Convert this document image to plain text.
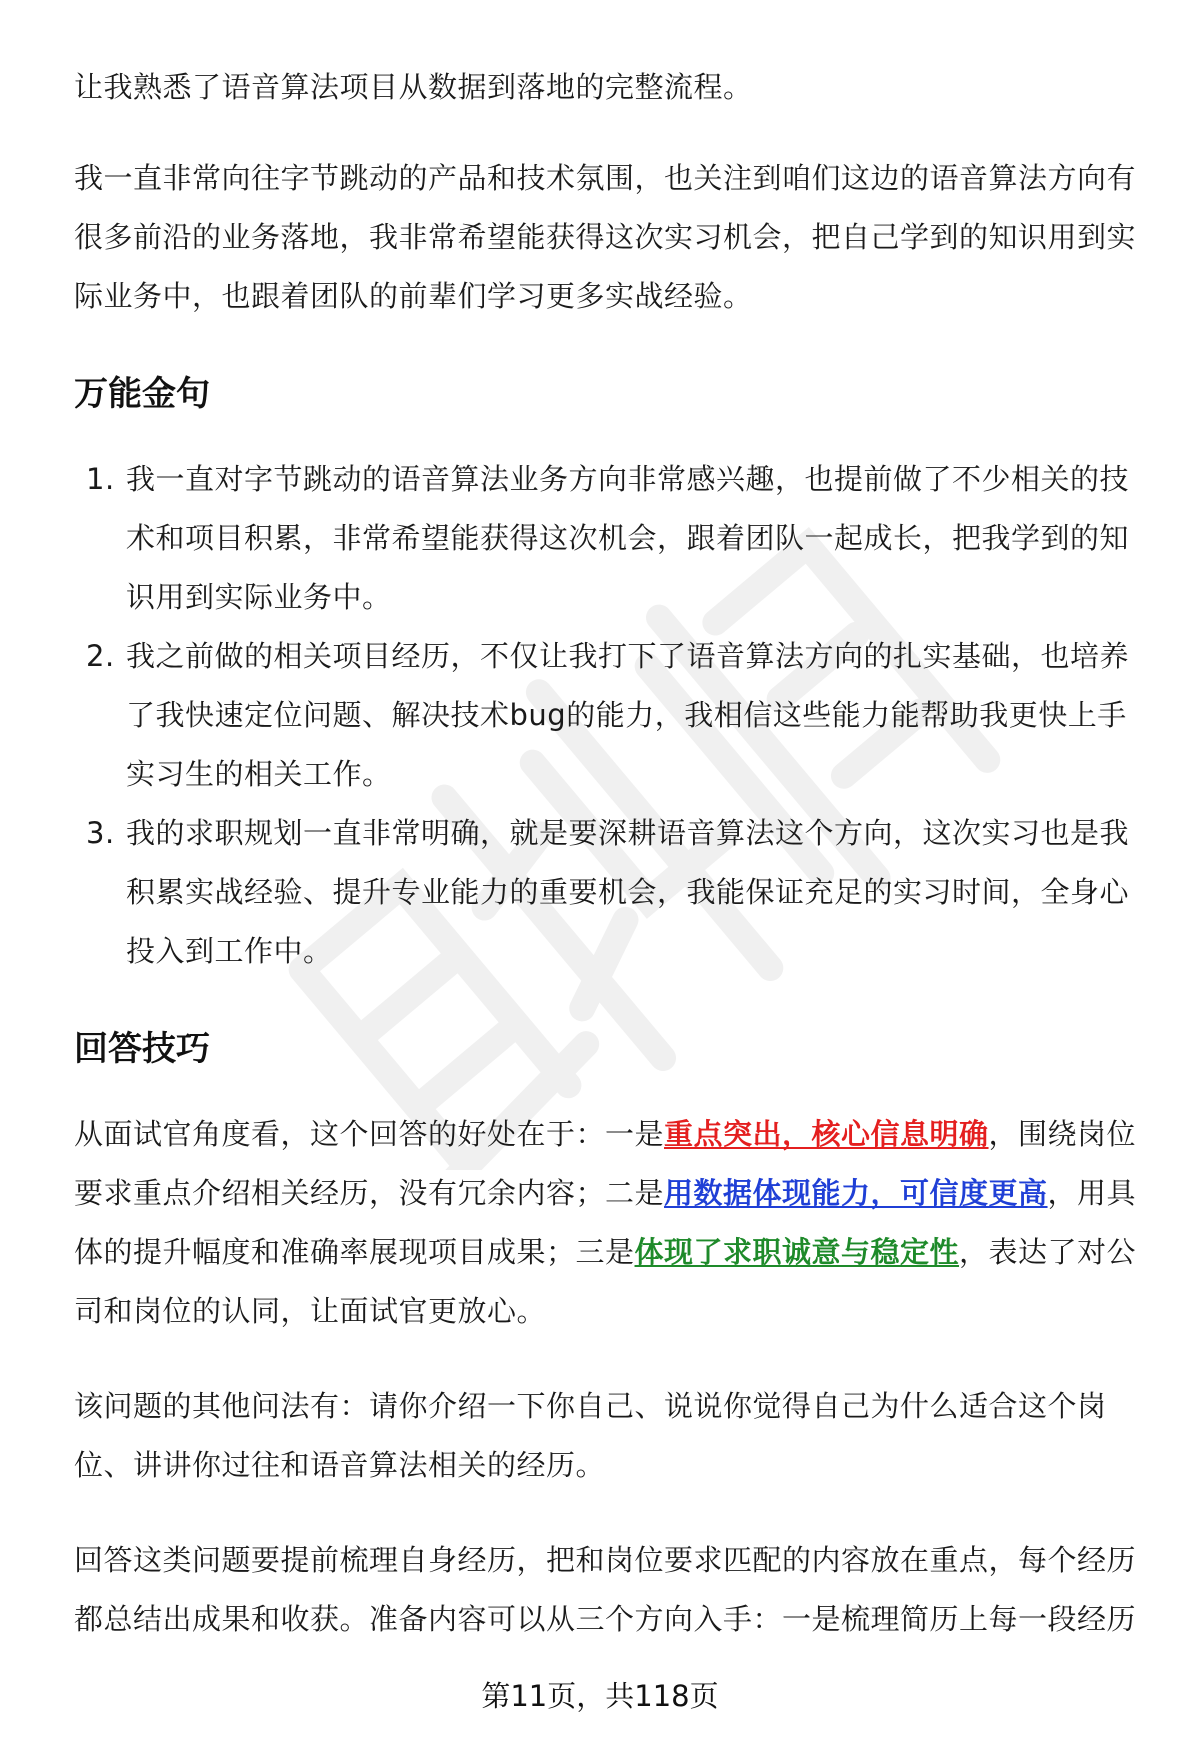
让我熟悉了语音算法项目从数据到落地的完整流程。

我一直非常向往字节跳动的产品和技术氛围，也关注到咱们这边的语音算法方向有很多前沿的业务落地，我非常希望能获得这次实习机会，把自己学到的知识用到实际业务中，也跟着团队的前辈们学习更多实战经验。

万能金句
1. 我一直对字节跳动的语音算法业务方向非常感兴趣，也提前做了不少相关的技术和项目积累，非常希望能获得这次机会，跟着团队一起成长，把我学到的知识用到实际业务中。
2. 我之前做的相关项目经历，不仅让我打下了语音算法方向的扎实基础，也培养了我快速定位问题、解决技术bug的能力，我相信这些能力能帮助我更快上手实习生的相关工作。
3. 我的求职规划一直非常明确，就是要深耕语音算法这个方向，这次实习也是我积累实战经验、提升专业能力的重要机会，我能保证充足的实习时间，全身心投入到工作中。
回答技巧

从面试官角度看，这个回答的好处在于：一是重点突出，核心信息明确，围绕岗位要求重点介绍相关经历，没有冗余内容；二是用数据体现能力，可信度更高，用具体的提升幅度和准确率展现项目成果；三是体现了求职诚意与稳定性，表达了对公司和岗位的认同，让面试官更放心。

该问题的其他问法有：请你介绍一下你自己、说说你觉得自己为什么适合这个岗位、讲讲你过往和语音算法相关的经历。

回答这类问题要提前梳理自身经历，把和岗位要求匹配的内容放在重点，每个经历都总结出成果和收获。准备内容可以从三个方向入手：一是梳理简历上每一段经历

第11页，共118页
